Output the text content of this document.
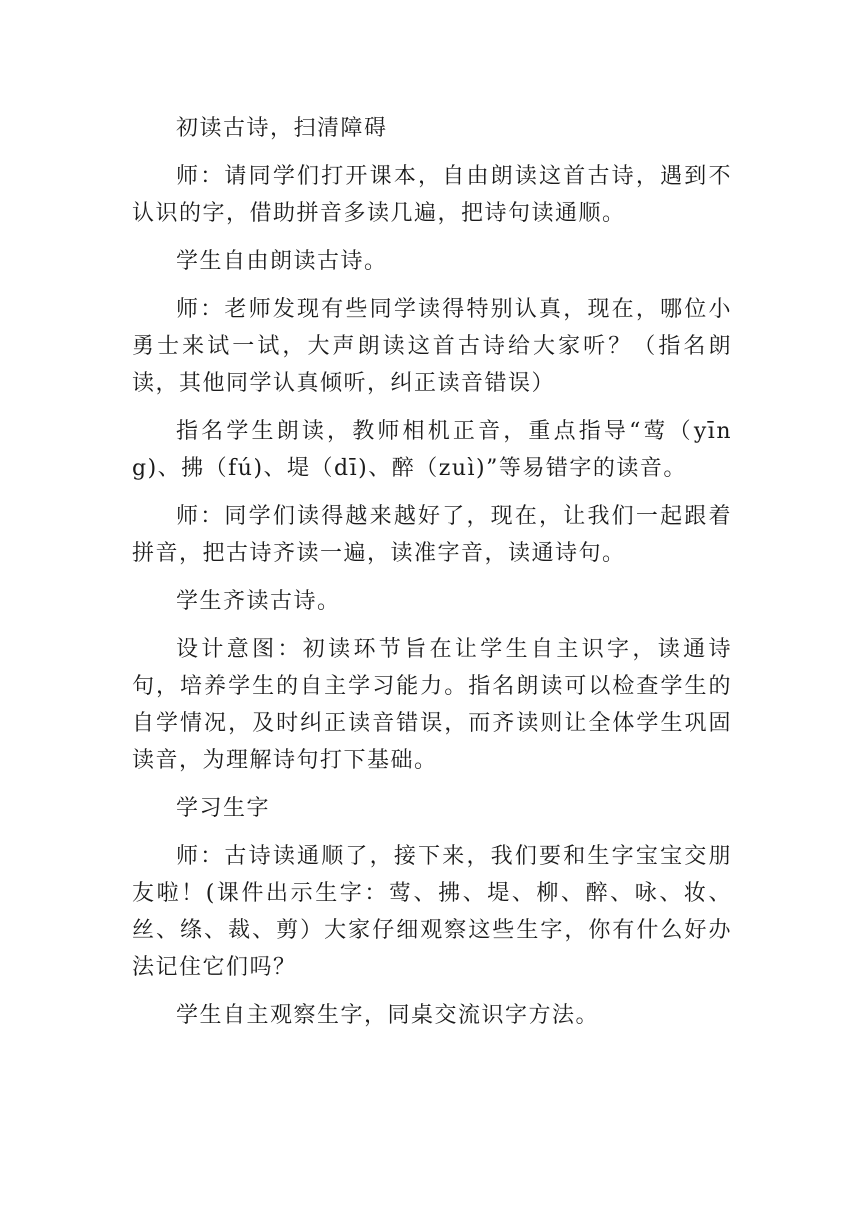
初读古诗，扫清障碍

师：请同学们打开课本，自由朗读这首古诗，遇到不认识的字，借助拼音多读几遍，把诗句读通顺。

学生自由朗读古诗。

师：老师发现有些同学读得特别认真，现在，哪位小勇士来试一试，大声朗读这首古诗给大家听？（指名朗读，其他同学认真倾听，纠正读音错误）

指名学生朗读，教师相机正音，重点指导“莺（yīng)、拂（fú)、堤（dī)、醉（zuì)”等易错字的读音。

师：同学们读得越来越好了，现在，让我们一起跟着拼音，把古诗齐读一遍，读准字音，读通诗句。

学生齐读古诗。

设计意图：初读环节旨在让学生自主识字，读通诗句，培养学生的自主学习能力。指名朗读可以检查学生的自学情况，及时纠正读音错误，而齐读则让全体学生巩固读音，为理解诗句打下基础。

学习生字

师：古诗读通顺了，接下来，我们要和生字宝宝交朋友啦！(课件出示生字：莺、拂、堤、柳、醉、咏、妆、丝、绦、裁、剪）大家仔细观察这些生字，你有什么好办法记住它们吗？

学生自主观察生字，同桌交流识字方法。
